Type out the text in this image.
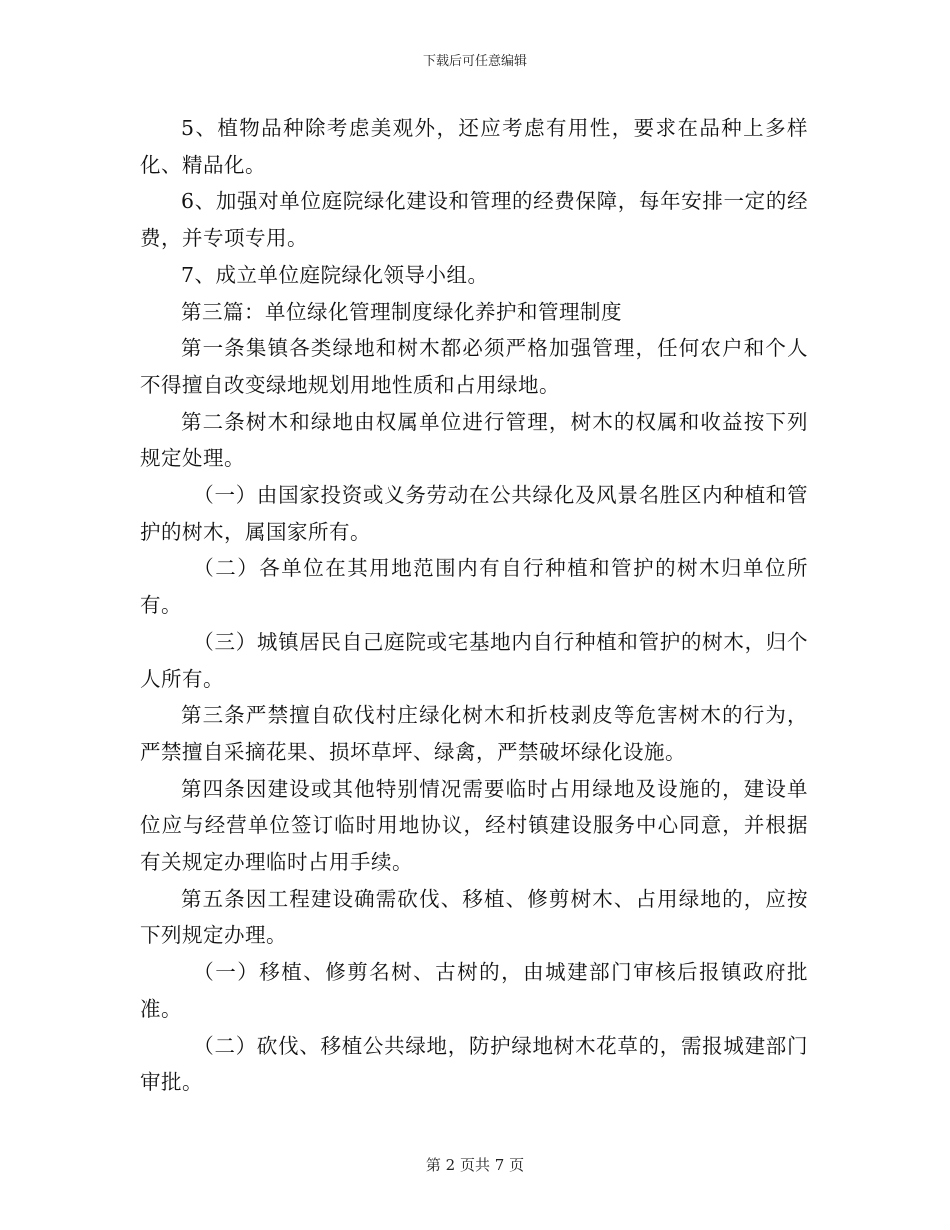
下载后可任意编辑

5、植物品种除考虑美观外，还应考虑有用性，要求在品种上多样化、精品化。

6、加强对单位庭院绿化建设和管理的经费保障，每年安排一定的经费，并专项专用。

7、成立单位庭院绿化领导小组。

第三篇：单位绿化管理制度绿化养护和管理制度

第一条集镇各类绿地和树木都必须严格加强管理，任何农户和个人不得擅自改变绿地规划用地性质和占用绿地。

第二条树木和绿地由权属单位进行管理，树木的权属和收益按下列规定处理。

（一）由国家投资或义务劳动在公共绿化及风景名胜区内种植和管护的树木，属国家所有。

（二）各单位在其用地范围内有自行种植和管护的树木归单位所有。

（三）城镇居民自己庭院或宅基地内自行种植和管护的树木，归个人所有。

第三条严禁擅自砍伐村庄绿化树木和折枝剥皮等危害树木的行为，严禁擅自采摘花果、损坏草坪、绿禽，严禁破坏绿化设施。

第四条因建设或其他特别情况需要临时占用绿地及设施的，建设单位应与经营单位签订临时用地协议，经村镇建设服务中心同意，并根据有关规定办理临时占用手续。

第五条因工程建设确需砍伐、移植、修剪树木、占用绿地的，应按下列规定办理。

（一）移植、修剪名树、古树的，由城建部门审核后报镇政府批准。

（二）砍伐、移植公共绿地，防护绿地树木花草的，需报城建部门审批。

第 2 页共 7 页
